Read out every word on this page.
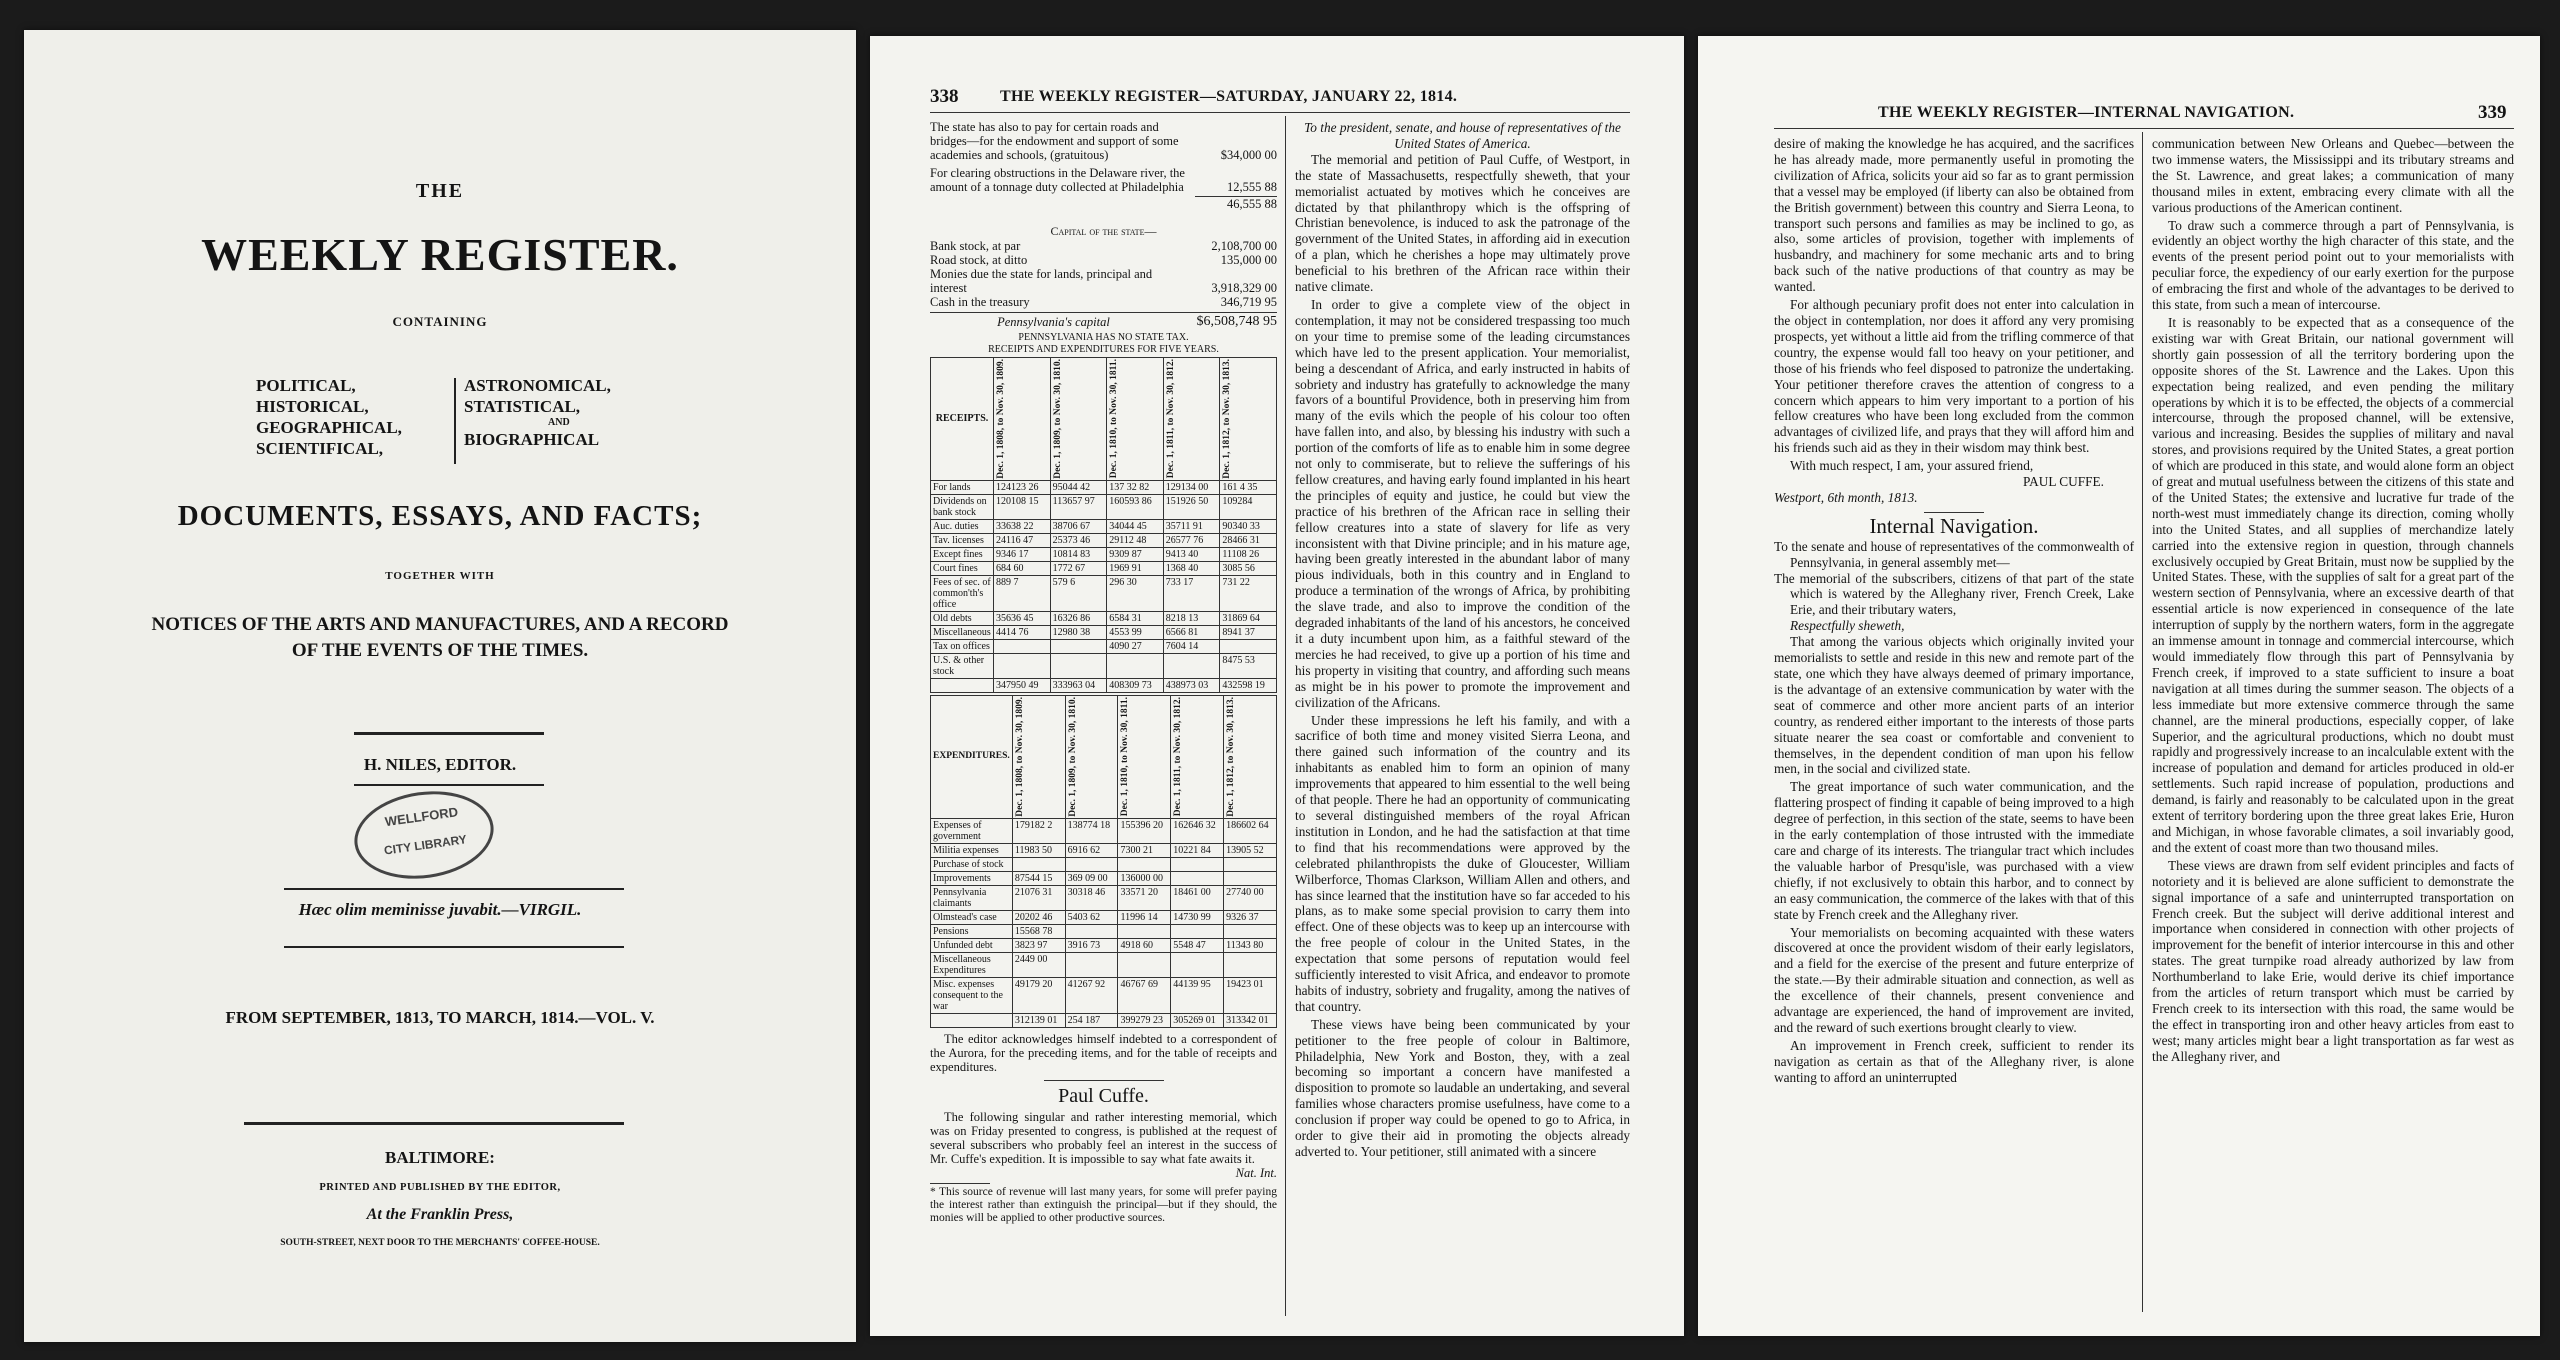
THE
WEEKLY REGISTER.
CONTAINING
POLITICAL,
HISTORICAL,
GEOGRAPHICAL,
SCIENTIFICAL,
ASTRONOMICAL,
STATISTICAL,
AND
BIOGRAPHICAL
DOCUMENTS, ESSAYS, AND FACTS;
TOGETHER WITH
NOTICES OF THE ARTS AND MANUFACTURES, AND A RECORD
OF THE EVENTS OF THE TIMES.
H. NILES, EDITOR.
WELLFORD
CITY LIBRARY
Hæc olim meminisse juvabit.—VIRGIL.
FROM SEPTEMBER, 1813, TO MARCH, 1814.—VOL. V.
BALTIMORE:
PRINTED AND PUBLISHED BY THE EDITOR,
At the Franklin Press,
SOUTH-STREET, NEXT DOOR TO THE MERCHANTS' COFFEE-HOUSE.
338	THE WEEKLY REGISTER—SATURDAY, JANUARY 22, 1814.
The state has also to pay for certain roads and bridges—for the endowment and support of some academies and schools, (gratuitous)	$34,000 00
For clearing obstructions in the Delaware river, the amount of a tonnage duty collected at Philadelphia	12,555 88
46,555 88
Capital of the state—
Bank stock, at par	2,108,700 00
Road stock, at ditto	135,000 00
Monies due the state for lands, principal and interest	3,918,329 00
Cash in the treasury	346,719 95
Pennsylvania's capital	$6,508,748 95
PENNSYLVANIA HAS NO STATE TAX.
RECEIPTS AND EXPENDITURES FOR FIVE YEARS.
RECEIPTS.	Dec. 1, 1808, to Nov. 30, 1809.	Dec. 1, 1809, to Nov. 30, 1810.	Dec. 1, 1810, to Nov. 30, 1811.	Dec. 1, 1811, to Nov. 30, 1812.	Dec. 1, 1812, to Nov. 30, 1813.

For lands	124123 26	95044 42	137 32 82	129134 00	161 4 35
Dividends on bank stock	120108 15	113657 97	160593 86	151926 50	109284
Auc. duties	33638 22	38706 67	34044 45	35711 91	90340 33
Tav. licenses	24116 47	25373 46	29112 48	26577 76	28466 31
Except fines	9346 17	10814 83	9309 87	9413 40	11108 26
Court fines	684 60	1772 67	1969 91	1368 40	3085 56
Fees of sec. of common'th's office	889 7	579 6	296 30	733 17	731 22
Old debts	35636 45	16326 86	6584 31	8218 13	31869 64
Miscellaneous	4414 76	12980 38	4553 99	6566 81	8941 37
Tax on offices			4090 27	7604 14	
U.S. & other stock					8475 53
	347950 49	333963 04	408309 73	438973 03	432598 19
EXPENDITURES.	Dec. 1, 1808, to Nov. 30, 1809.	Dec. 1, 1809, to Nov. 30, 1810.	Dec. 1, 1810, to Nov. 30, 1811.	Dec. 1, 1811, to Nov. 30, 1812.	Dec. 1, 1812, to Nov. 30, 1813.

Expenses of government	179182 2	138774 18	155396 20	162646 32	186602 64
Militia expenses	11983 50	6916 62	7300 21	10221 84	13905 52
Purchase of stock					
Improvements	87544 15	369 09 00	136000 00		
Pennsylvania claimants	21076 31	30318 46	33571 20	18461 00	27740 00
Olmstead's case	20202 46	5403 62	11996 14	14730 99	9326 37
Pensions	15568 78				
Unfunded debt	3823 97	3916 73	4918 60	5548 47	11343 80
Miscellaneous Expenditures	2449 00				
Misc. expenses consequent to the war	49179 20	41267 92	46767 69	44139 95	19423 01
	312139 01	254 187	399279 23	305269 01	313342 01
The editor acknowledges himself indebted to a correspondent of the Aurora, for the preceding items, and for the table of receipts and expenditures.
Paul Cuffe.
The following singular and rather interesting memorial, which was on Friday presented to congress, is published at the request of several subscribers who probably feel an interest in the success of Mr. Cuffe's expedition. It is impossible to say what fate awaits it.
Nat. Int.
* This source of revenue will last many years, for some will prefer paying the interest rather than extinguish the principal—but if they should, the monies will be applied to other productive sources.
To the president, senate, and house of representatives of the United States of America.

The memorial and petition of Paul Cuffe, of Westport, in the state of Massachusetts, respectfully sheweth, that your memorialist actuated by motives which he conceives are dictated by that philanthropy which is the offspring of Christian benevolence, is induced to ask the patronage of the government of the United States, in affording aid in execution of a plan, which he cherishes a hope may ultimately prove beneficial to his brethren of the African race within their native climate.

In order to give a complete view of the object in contemplation, it may not be considered trespassing too much on your time to premise some of the leading circumstances which have led to the present application. Your memorialist, being a descendant of Africa, and early instructed in habits of sobriety and industry has gratefully to acknowledge the many favors of a bountiful Providence, both in preserving him from many of the evils which the people of his colour too often have fallen into, and also, by blessing his industry with such a portion of the comforts of life as to enable him in some degree not only to commiserate, but to relieve the sufferings of his fellow creatures, and having early found implanted in his heart the principles of equity and justice, he could but view the practice of his brethren of the African race in selling their fellow creatures into a state of slavery for life as very inconsistent with that Divine principle; and in his mature age, having been greatly interested in the abundant labor of many pious individuals, both in this country and in England to produce a termination of the wrongs of Africa, by prohibiting the slave trade, and also to improve the condition of the degraded inhabitants of the land of his ancestors, he conceived it a duty incumbent upon him, as a faithful steward of the mercies he had received, to give up a portion of his time and his property in visiting that country, and affording such means as might be in his power to promote the improvement and civilization of the Africans.

Under these impressions he left his family, and with a sacrifice of both time and money visited Sierra Leona, and there gained such information of the country and its inhabitants as enabled him to form an opinion of many improvements that appeared to him essential to the well being of that people. There he had an opportunity of communicating to several distinguished members of the royal African institution in London, and he had the satisfaction at that time to find that his recommendations were approved by the celebrated philanthropists the duke of Gloucester, William Wilberforce, Thomas Clarkson, William Allen and others, and has since learned that the institution have so far acceded to his plans, as to make some special provision to carry them into effect. One of these objects was to keep up an intercourse with the free people of colour in the United States, in the expectation that some persons of reputation would feel sufficiently interested to visit Africa, and endeavor to promote habits of industry, sobriety and frugality, among the natives of that country.

These views have being been communicated by your petitioner to the free people of colour in Baltimore, Philadelphia, New York and Boston, they, with a zeal becoming so important a concern have manifested a disposition to promote so laudable an undertaking, and several families whose characters promise usefulness, have come to a conclusion if proper way could be opened to go to Africa, in order to give their aid in promoting the objects already adverted to. Your petitioner, still animated with a sincere

THE WEEKLY REGISTER—INTERNAL NAVIGATION.	339

desire of making the knowledge he has acquired, and the sacrifices he has already made, more permanently useful in promoting the civilization of Africa, solicits your aid so far as to grant permission that a vessel may be employed (if liberty can also be obtained from the British government) between this country and Sierra Leona, to transport such persons and families as may be inclined to go, as also, some articles of provision, together with implements of husbandry, and machinery for some mechanic arts and to bring back such of the native productions of that country as may be wanted.

For although pecuniary profit does not enter into calculation in the object in contemplation, nor does it afford any very promising prospects, yet without a little aid from the trifling commerce of that country, the expense would fall too heavy on your petitioner, and those of his friends who feel disposed to patronize the undertaking. Your petitioner therefore craves the attention of congress to a concern which appears to him very important to a portion of his fellow creatures who have been long excluded from the common advantages of civilized life, and prays that they will afford him and his friends such aid as they in their wisdom may think best.

With much respect, I am, your assured friend,
PAUL CUFFE.
Westport, 6th month, 1813.
Internal Navigation.
To the senate and house of representatives of the commonwealth of Pennsylvania, in general assembly met—
The memorial of the subscribers, citizens of that part of the state which is watered by the Alleghany river, French Creek, Lake Erie, and their tributary waters,
Respectfully sheweth,

That among the various objects which originally invited your memorialists to settle and reside in this new and remote part of the state, one which they have always deemed of primary importance, is the advantage of an extensive communication by water with the seat of commerce and other more ancient parts of an interior country, as rendered either important to the interests of those parts situate nearer the sea coast or comfortable and convenient to themselves, in the dependent condition of man upon his fellow men, in the social and civilized state.

The great importance of such water communication, and the flattering prospect of finding it capable of being improved to a high degree of perfection, in this section of the state, seems to have been in the early contemplation of those intrusted with the immediate care and charge of its interests. The triangular tract which includes the valuable harbor of Presqu'isle, was purchased with a view chiefly, if not exclusively to obtain this harbor, and to connect by an easy communication, the commerce of the lakes with that of this state by French creek and the Alleghany river.

Your memorialists on becoming acquainted with these waters discovered at once the provident wisdom of their early legislators, and a field for the exercise of the present and future enterprize of the state.—By their admirable situation and connection, as well as the excellence of their channels, present convenience and advantage are experienced, the hand of improvement are invited, and the reward of such exertions brought clearly to view.

An improvement in French creek, sufficient to render its navigation as certain as that of the Alleghany river, is alone wanting to afford an uninterrupted

communication between New Orleans and Quebec—between the two immense waters, the Mississippi and its tributary streams and the St. Lawrence, and great lakes; a communication of many thousand miles in extent, embracing every climate with all the various productions of the American continent.

To draw such a commerce through a part of Pennsylvania, is evidently an object worthy the high character of this state, and the events of the present period point out to your memorialists with peculiar force, the expediency of our early exertion for the purpose of embracing the first and whole of the advantages to be derived to this state, from such a mean of intercourse.

It is reasonably to be expected that as a consequence of the existing war with Great Britain, our national government will shortly gain possession of all the territory bordering upon the opposite shores of the St. Lawrence and the Lakes. Upon this expectation being realized, and even pending the military operations by which it is to be effected, the objects of a commercial intercourse, through the proposed channel, will be extensive, various and increasing. Besides the supplies of military and naval stores, and provisions required by the United States, a great portion of which are produced in this state, and would alone form an object of great and mutual usefulness between the citizens of this state and of the United States; the extensive and lucrative fur trade of the north-west must immediately change its direction, coming wholly into the United States, and all supplies of merchandize lately carried into the extensive region in question, through channels exclusively occupied by Great Britain, must now be supplied by the United States. These, with the supplies of salt for a great part of the western section of Pennsylvania, where an excessive dearth of that essential article is now experienced in consequence of the late interruption of supply by the northern waters, form in the aggregate an immense amount in tonnage and commercial intercourse, which would immediately flow through this part of Pennsylvania by French creek, if improved to a state sufficient to insure a boat navigation at all times during the summer season. The objects of a less immediate but more extensive commerce through the same channel, are the mineral productions, especially copper, of lake Superior, and the agricultural productions, which no doubt must rapidly and progressively increase to an incalculable extent with the increase of population and demand for articles produced in old-er settlements. Such rapid increase of population, productions and demand, is fairly and reasonably to be calculated upon in the great extent of territory bordering upon the three great lakes Erie, Huron and Michigan, in whose favorable climates, a soil invariably good, and the extent of coast more than two thousand miles.

These views are drawn from self evident principles and facts of notoriety and it is believed are alone sufficient to demonstrate the signal importance of a safe and uninterrupted transportation on French creek. But the subject will derive additional interest and importance when considered in connection with other projects of improvement for the benefit of interior intercourse in this and other states. The great turnpike road already authorized by law from Northumberland to lake Erie, would derive its chief importance from the articles of return transport which must be carried by French creek to its intersection with this road, the same would be the effect in transporting iron and other heavy articles from east to west; many articles might bear a light transportation as far west as the Alleghany river, and
